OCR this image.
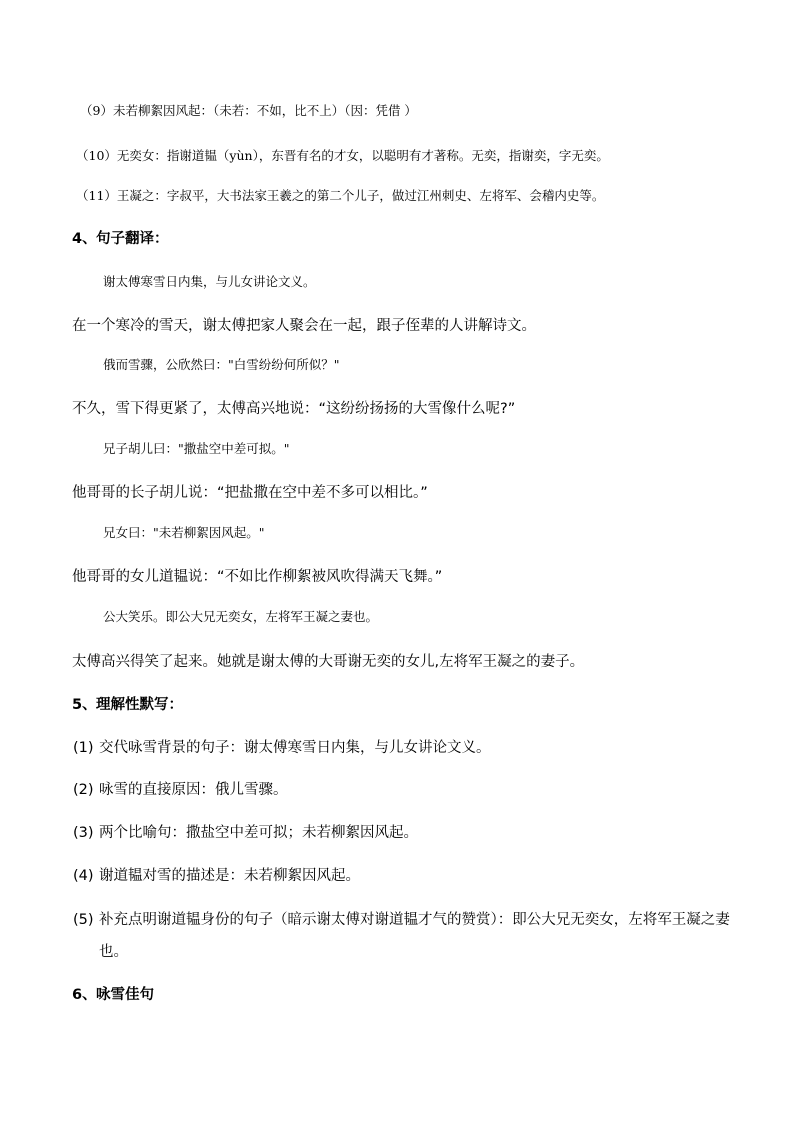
（9）未若柳絮因风起：（未若：不如，比不上）（因：凭借 ）
（10）无奕女：指谢道韫（yùn），东晋有名的才女，以聪明有才著称。无奕，指谢奕，字无奕。
（11）王凝之：字叔平，大书法家王羲之的第二个儿子，做过江州刺史、左将军、会稽内史等。
4、句子翻译：
谢太傅寒雪日内集，与儿女讲论文义。
在一个寒冷的雪天，谢太傅把家人聚会在一起，跟子侄辈的人讲解诗文。
俄而雪骤，公欣然曰："白雪纷纷何所似？"
不久，雪下得更紧了，太傅高兴地说：“这纷纷扬扬的大雪像什么呢?”
兄子胡儿曰："撒盐空中差可拟。"
他哥哥的长子胡儿说：“把盐撒在空中差不多可以相比。”
兄女曰："未若柳絮因风起。"
他哥哥的女儿道韫说：“不如比作柳絮被风吹得满天飞舞。”
公大笑乐。即公大兄无奕女，左将军王凝之妻也。
太傅高兴得笑了起来。她就是谢太傅的大哥谢无奕的女儿,左将军王凝之的妻子。
5、理解性默写：
(1) 交代咏雪背景的句子：谢太傅寒雪日内集，与儿女讲论文义。
(2) 咏雪的直接原因：俄儿雪骤。
(3) 两个比喻句：撒盐空中差可拟；未若柳絮因风起。
(4) 谢道韫对雪的描述是：未若柳絮因风起。
(5) 补充点明谢道韫身份的句子（暗示谢太傅对谢道韫才气的赞赏）：即公大兄无奕女，左将军王凝之妻
也。
6、咏雪佳句
